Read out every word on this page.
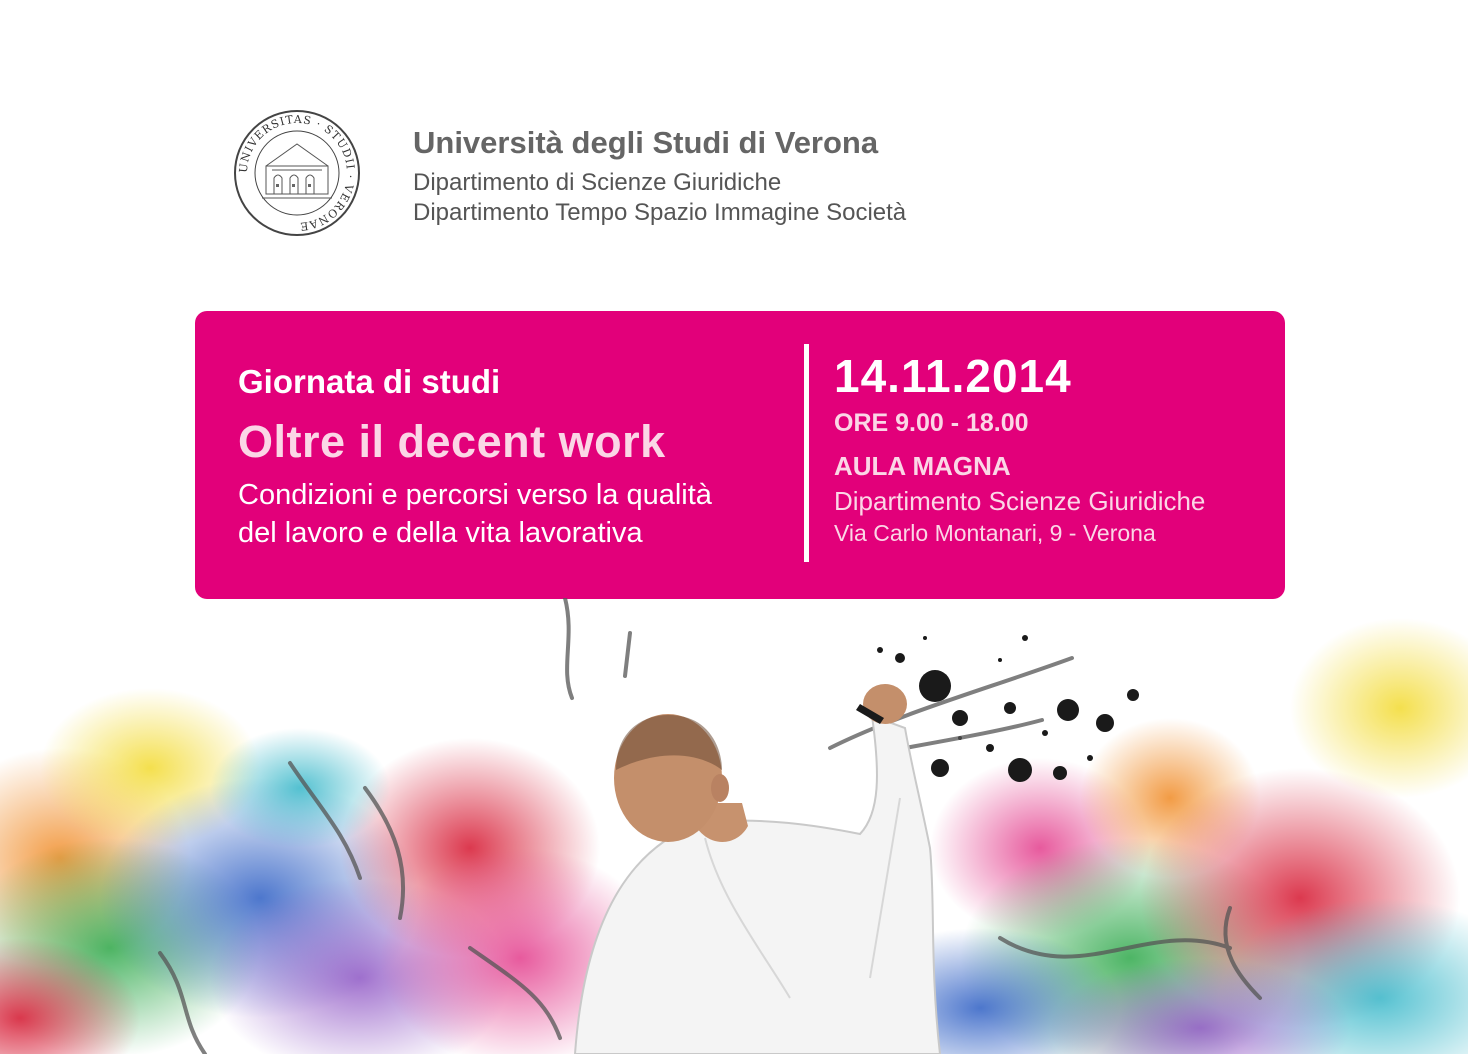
UNIVERSITAS · STUDII · VERONAE
Università degli Studi di Verona

Dipartimento di Scienze Giuridiche

Dipartimento Tempo Spazio Immagine Società

Giornata di studi

Oltre il decent work
Condizioni e percorsi verso la qualità
del lavoro e della vita lavorativa

14.11.2014

ORE 9.00 - 18.00

AULA MAGNA

Dipartimento Scienze Giuridiche

Via Carlo Montanari, 9 - Verona
